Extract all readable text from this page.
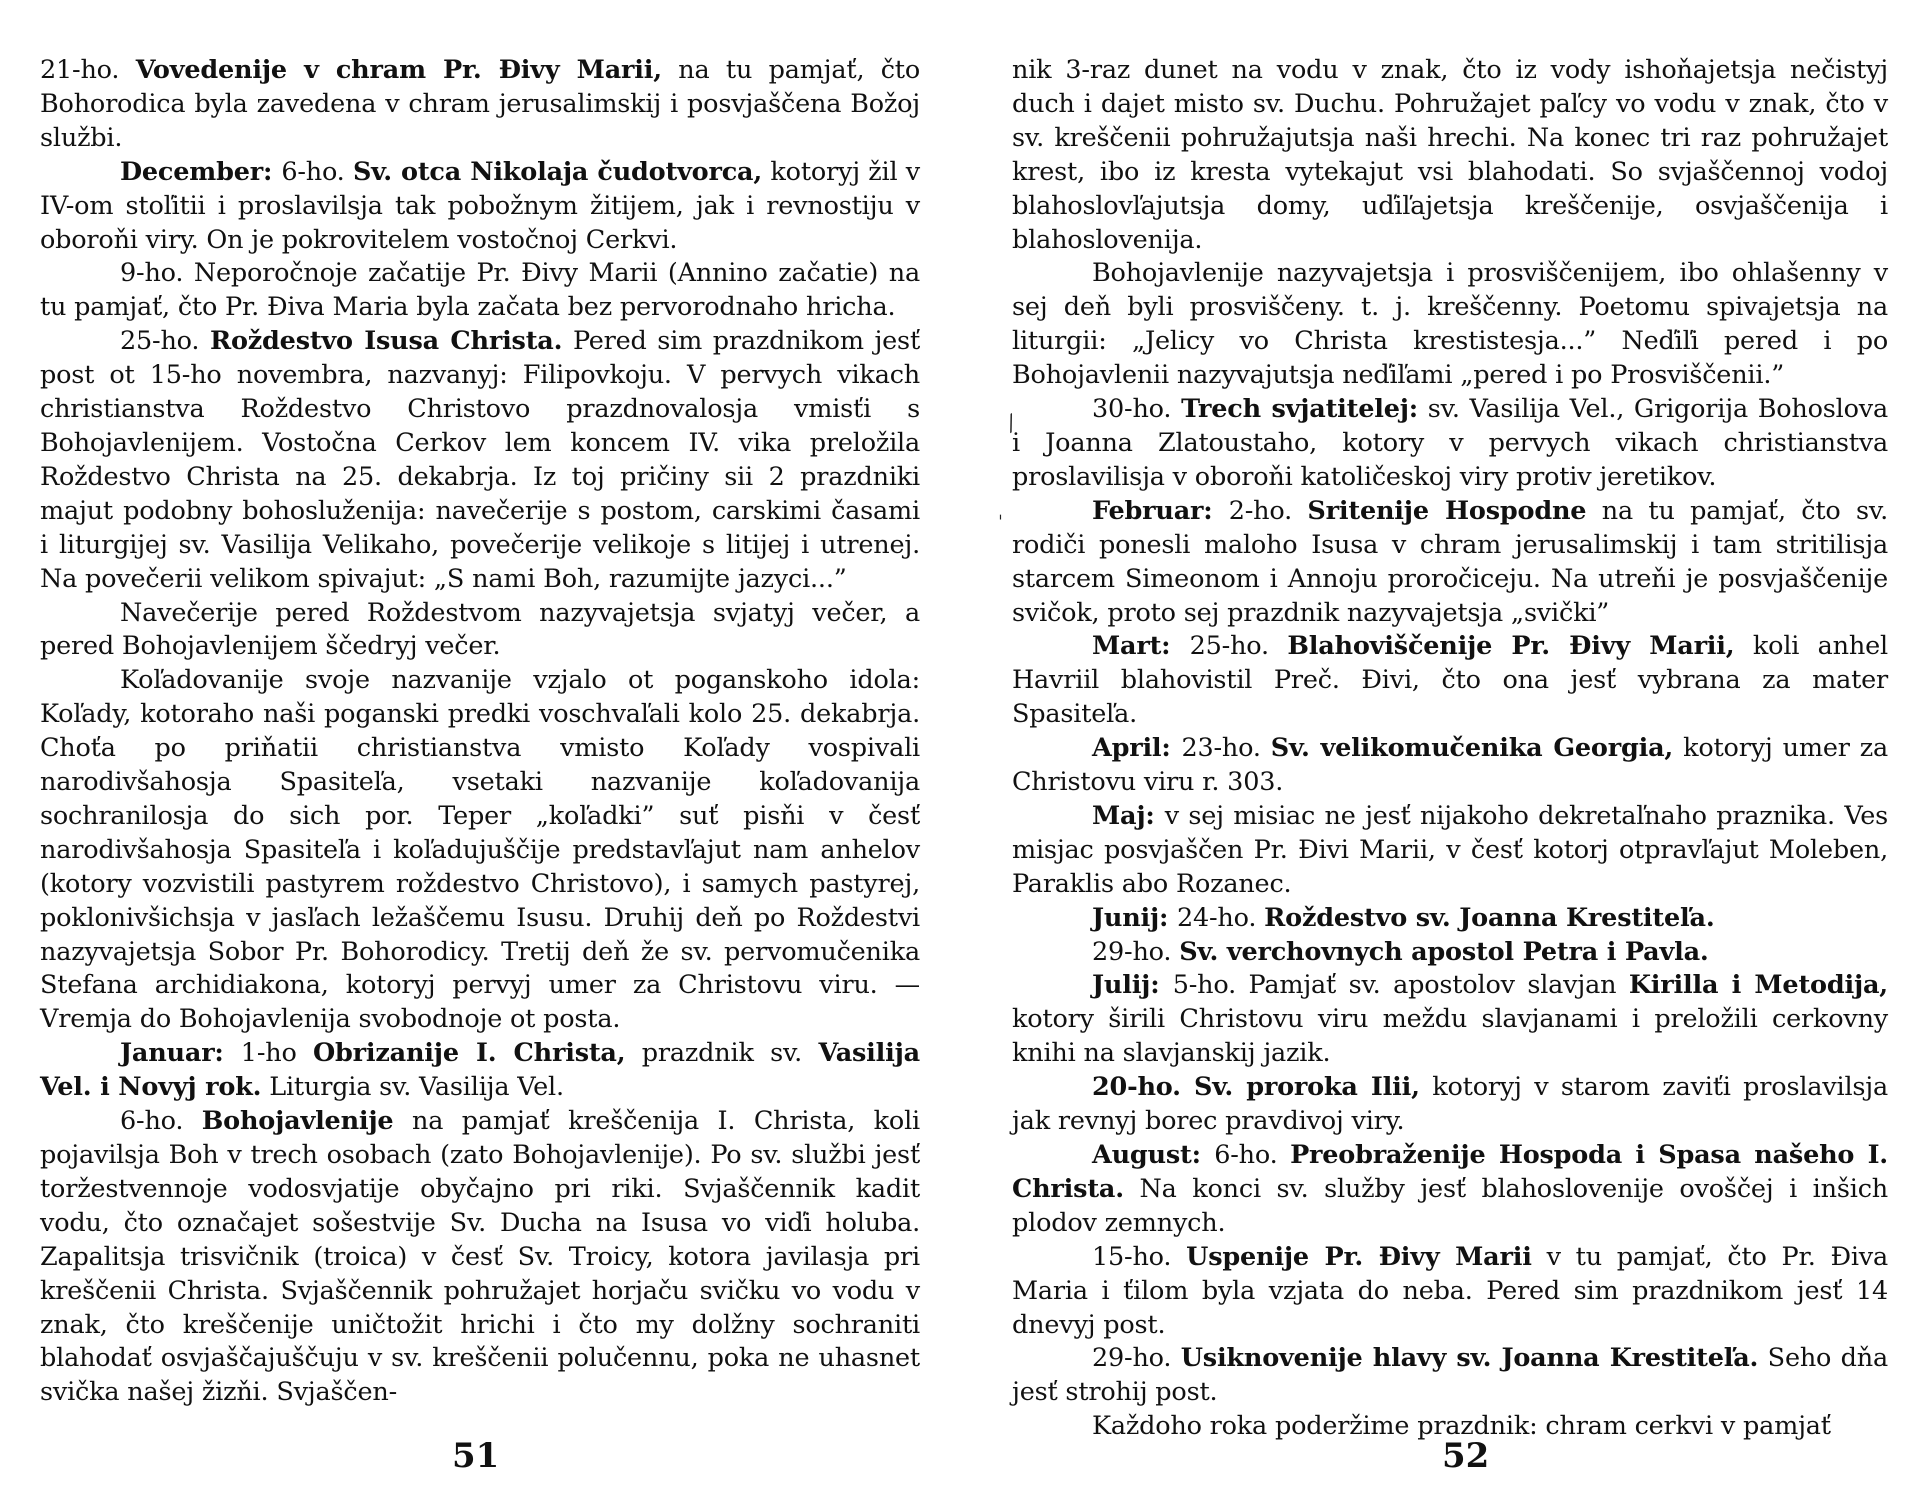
21-ho. Vovedenije v chram Pr. Đivy Marii, na tu pamjať, čto Bohorodica byla zavedena v chram jerusalimskij i posvjaščena Božoj službi.

December: 6-ho. Sv. otca Nikolaja čudotvorca, kotoryj žil v IV-om stoľitii i proslavilsja tak pobožnym žitijem, jak i revnostiju v oboroňi viry. On je pokrovitelem vostočnoj Cerkvi.

9-ho. Neporočnoje začatije Pr. Đivy Marii (Annino začatie) na tu pamjať, čto Pr. Điva Maria byla začata bez pervorodnaho hricha.

25-ho. Roždestvo Isusa Christa. Pered sim prazdnikom jesť post ot 15-ho novembra, nazvanyj: Filipovkoju. V pervych vikach christianstva Roždestvo Christovo prazdnovalosja vmisťi s Bohojavlenijem. Vostočna Cerkov lem koncem IV. vika preložila Roždestvo Christa na 25. dekabrja. Iz toj pričiny sii 2 prazdniki majut podobny bohosluženija: navečerije s postom, carskimi časami i liturgijej sv. Vasilija Velikaho, povečerije velikoje s litijej i utrenej. Na povečerii velikom spivajut: „S nami Boh, razumijte jazyci...”

Navečerije pered Roždestvom nazyvajetsja svjatyj večer, a pered Bohojavlenijem ščedryj večer.

Koľadovanije svoje nazvanije vzjalo ot poganskoho idola: Koľady, kotoraho naši poganski predki voschvaľali kolo 25. dekabrja. Choťa po priňatii christianstva vmisto Koľady vospivali narodivšahosja Spasiteľa, vsetaki nazvanije koľadovanija sochranilosja do sich por. Teper „koľadki” suť pisňi v česť narodivšahosja Spasiteľa i koľadujuščije predstavľajut nam anhelov (kotory vozvistili pastyrem roždestvo Christovo), i samych pastyrej, poklonivšichsja v jasľach ležaščemu Isusu. Druhij deň po Roždestvi nazyvajetsja Sobor Pr. Bohorodicy. Tretij deň že sv. pervomučenika Stefana archidiakona, kotoryj pervyj umer za Christovu viru. — Vremja do Bohojavlenija svobodnoje ot posta.

Januar: 1-ho Obrizanije I. Christa, prazdnik sv. Vasilija Vel. i Novyj rok. Liturgia sv. Vasilija Vel.

6-ho. Bohojavlenije na pamjať kreščenija I. Christa, koli pojavilsja Boh v trech osobach (zato Bohojavlenije). Po sv. službi jesť toržestvennoje vodosvjatije obyčajno pri riki. Svjaščennik kadit vodu, čto označajet sošestvije Sv. Ducha na Isusa vo viďi holuba. Zapalitsja trisvičnik (troica) v česť Sv. Troicy, kotora javilasja pri kreščenii Christa. Svjaščennik pohružajet horjaču svičku vo vodu v znak, čto kreščenije uničtožit hrichi i čto my dolžny sochraniti blahodať osvjaščajuščuju v sv. kreščenii polučennu, poka ne uhasnet svička našej žizňi. Svjaščen-

51

nik 3-raz dunet na vodu v znak, čto iz vody ishoňajetsja nečistyj duch i dajet misto sv. Duchu. Pohružajet paľcy vo vodu v znak, čto v sv. kreščenii pohružajutsja naši hrechi. Na konec tri raz pohružajet krest, ibo iz kresta vytekajut vsi blahodati. So svjaščennoj vodoj blahoslovľajutsja domy, uďiľajetsja kreščenije, osvjaščenija i blahoslovenija.

Bohojavlenije nazyvajetsja i prosviščenijem, ibo ohlašenny v sej deň byli prosviščeny. t. j. kreščenny. Poetomu spivajetsja na liturgii: „Jelicy vo Christa krestistesja...” Neďiľi pered i po Bohojavlenii nazyvajutsja neďiľami „pered i po Prosviščenii.”

30-ho. Trech svjatitelej: sv. Vasilija Vel., Grigorija Bohoslova i Joanna Zlatoustaho, kotory v pervych vikach christianstva proslavilisja v oboroňi katoličeskoj viry protiv jeretikov.

Februar: 2-ho. Sritenije Hospodne na tu pamjať, čto sv. rodiči ponesli maloho Isusa v chram jerusalimskij i tam stritilisja starcem Simeonom i Annoju proročiceju. Na utreňi je posvjaščenije svičok, proto sej prazdnik nazyvajetsja „svički”

Mart: 25-ho. Blahoviščenije Pr. Đivy Marii, koli anhel Havriil blahovistil Preč. Đivi, čto ona jesť vybrana za mater Spasiteľa.

April: 23-ho. Sv. velikomučenika Georgia, kotoryj umer za Christovu viru r. 303.

Maj: v sej misiac ne jesť nijakoho dekretaľnaho praznika. Ves misjac posvjaščen Pr. Đivi Marii, v česť kotorj otpravľajut Moleben, Paraklis abo Rozanec.

Junij: 24-ho. Roždestvo sv. Joanna Krestiteľa.

29-ho. Sv. verchovnych apostol Petra i Pavla.

Julij: 5-ho. Pamjať sv. apostolov slavjan Kirilla i Metodija, kotory širili Christovu viru meždu slavjanami i preložili cerkovny knihi na slavjanskij jazik.

20-ho. Sv. proroka Ilii, kotoryj v starom zaviťi proslavilsja jak revnyj borec pravdivoj viry.

August: 6-ho. Preobraženije Hospoda i Spasa našeho I. Christa. Na konci sv. služby jesť blahoslovenije ovoščej i inšich plodov zemnych.

15-ho. Uspenije Pr. Đivy Marii v tu pamjať, čto Pr. Điva Maria i ťilom byla vzjata do neba. Pered sim prazdnikom jesť 14 dnevyj post.

29-ho. Usiknovenije hlavy sv. Joanna Krestiteľa. Seho dňa jesť strohij post.

Každoho roka poderžime prazdnik: chram cerkvi v pamjať

52
⁄
ˈ
